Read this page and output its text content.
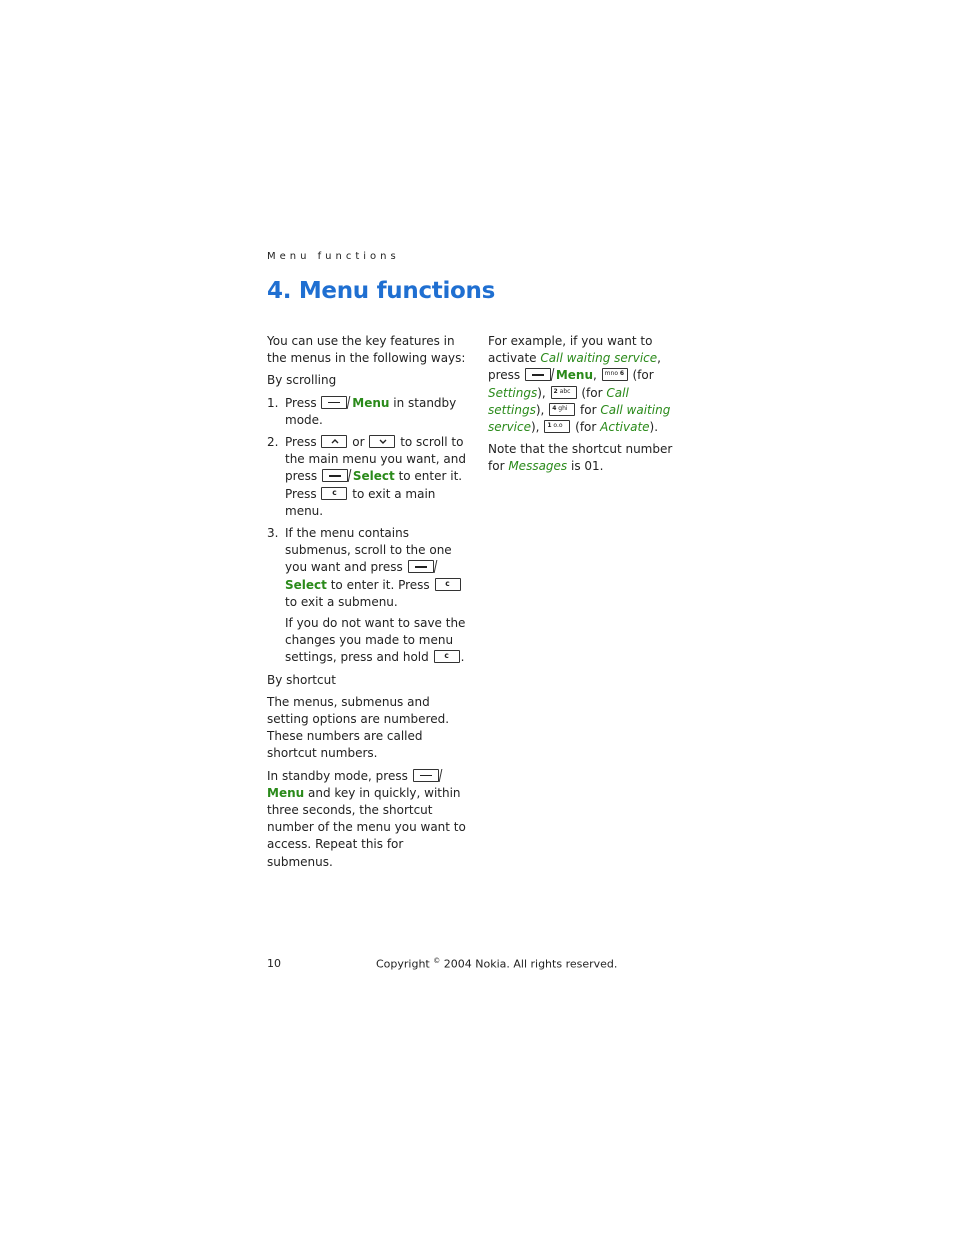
Menu functions
4. Menu functions

You can use the key features in the menus in the following ways:

By scrolling

1. Press	Menu in standby mode.

2. Press	or	to scroll to the main menu you want, and press	Select to enter it. Press	c	to exit a main menu.

3. If the menu contains submenus, scroll to the one you want and press  Select to enter it. Press	c
to exit a submenu.

If you do not want to save the changes you made to menu settings, press and hold	c .

By shortcut

The menus, submenus and setting options are numbered. These numbers are called shortcut numbers.

In standby mode, press  Menu and key in quickly, within three seconds, the shortcut number of the menu you want to access. Repeat this for submenus.

For example, if you want to activate Call waiting service, press	Menu, mno 6 (for Settings), 2 abc (for Call settings), 4 ghi	for Call waiting service), 1 o.o	(for Activate).

Note that the shortcut number for Messages is 01.

10	Copyright © 2004 Nokia. All rights reserved.
